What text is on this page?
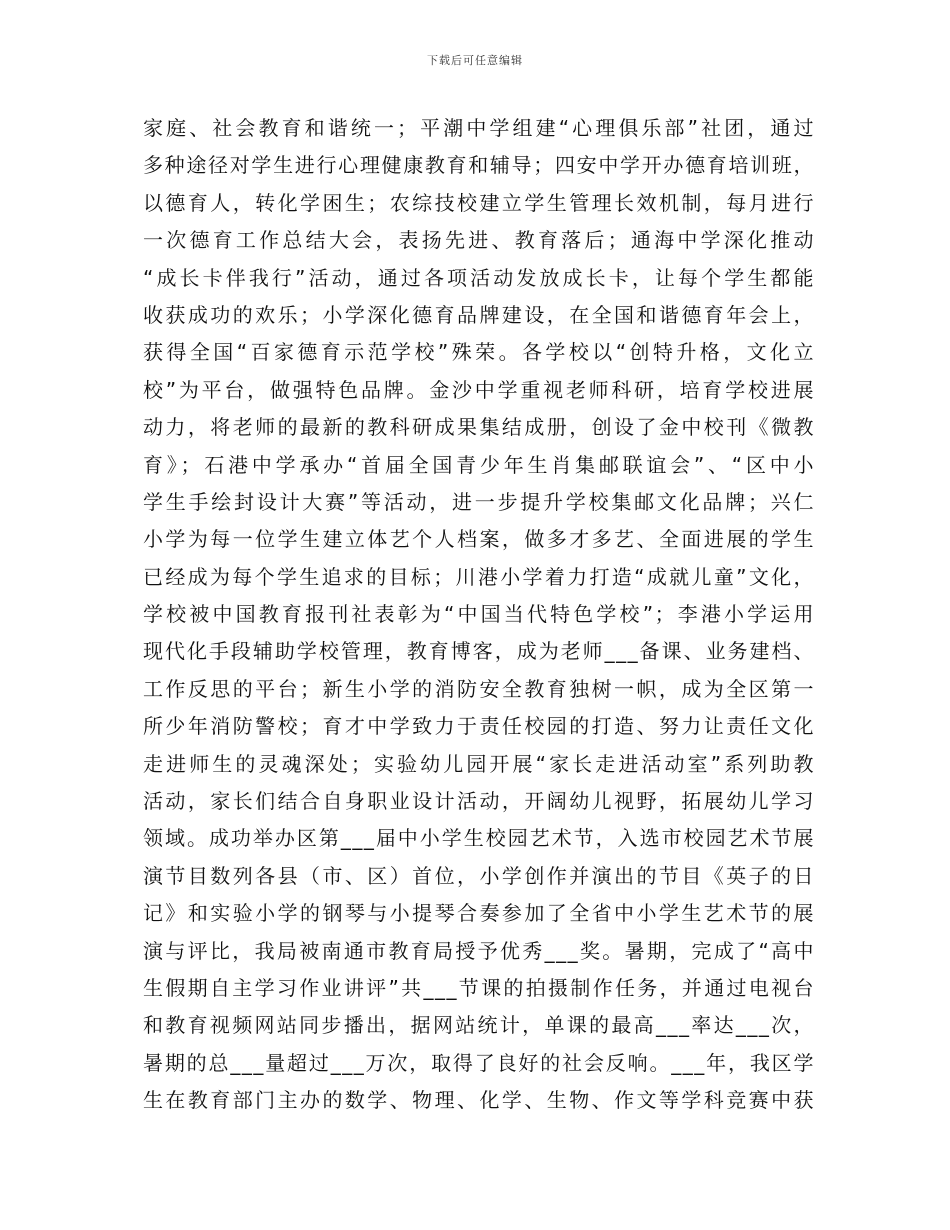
下载后可任意编辑
家庭、社会教育和谐统一；平潮中学组建“心理俱乐部”社团，通过
多种途径对学生进行心理健康教育和辅导；四安中学开办德育培训班，
以德育人，转化学困生；农综技校建立学生管理长效机制，每月进行
一次德育工作总结大会，表扬先进、教育落后；通海中学深化推动
“成长卡伴我行”活动，通过各项活动发放成长卡，让每个学生都能
收获成功的欢乐；小学深化德育品牌建设，在全国和谐德育年会上，
获得全国“百家德育示范学校”殊荣。各学校以“创特升格，文化立
校”为平台，做强特色品牌。金沙中学重视老师科研，培育学校进展
动力，将老师的最新的教科研成果集结成册，创设了金中校刊《微教
育》；石港中学承办“首届全国青少年生肖集邮联谊会”、“区中小
学生手绘封设计大赛”等活动，进一步提升学校集邮文化品牌；兴仁
小学为每一位学生建立体艺个人档案，做多才多艺、全面进展的学生
已经成为每个学生追求的目标；川港小学着力打造“成就儿童”文化，
学校被中国教育报刊社表彰为“中国当代特色学校”；李港小学运用
现代化手段辅助学校管理，教育博客，成为老师___备课、业务建档、
工作反思的平台；新生小学的消防安全教育独树一帜，成为全区第一
所少年消防警校；育才中学致力于责任校园的打造、努力让责任文化
走进师生的灵魂深处；实验幼儿园开展“家长走进活动室”系列助教
活动，家长们结合自身职业设计活动，开阔幼儿视野，拓展幼儿学习
领域。成功举办区第___届中小学生校园艺术节，入选市校园艺术节展
演节目数列各县（市、区）首位，小学创作并演出的节目《英子的日
记》和实验小学的钢琴与小提琴合奏参加了全省中小学生艺术节的展
演与评比，我局被南通市教育局授予优秀___奖。暑期，完成了“高中
生假期自主学习作业讲评”共___节课的拍摄制作任务，并通过电视台
和教育视频网站同步播出，据网站统计，单课的最高___率达___次，
暑期的总___量超过___万次，取得了良好的社会反响。___年，我区学
生在教育部门主办的数学、物理、化学、生物、作文等学科竞赛中获
